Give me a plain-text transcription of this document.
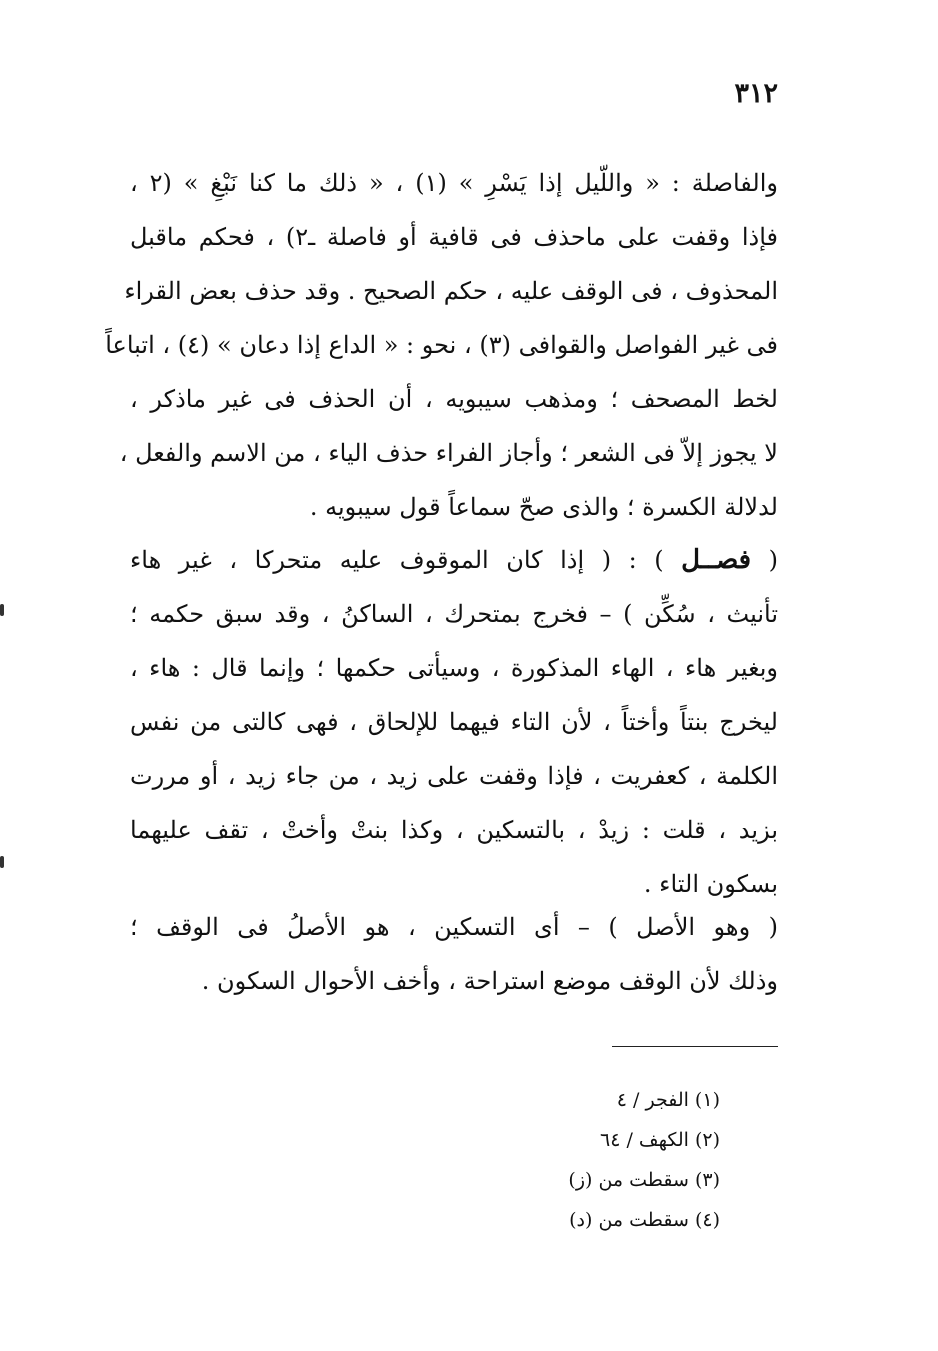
٣١٢
والفاصلة : « واللّيل إذا يَسْرِ » (١) ، « ذلك ما كنا نَبْغِ » (٢ ،
فإذا وقفت على ماحذف فى قافية أو فاصلة ـ٢) ، فحكم ماقبل
المحذوف ، فى الوقف عليه ، حكم الصحيح . وقد حذف بعض القراء
فى غير الفواصل والقوافى (٣) ، نحو : « الداع إذا دعان » (٤) ، اتباعاً
لخط المصحف ؛ ومذهب سيبويه ، أن الحذف فى غير ماذكر ،
لا يجوز إلاّ فى الشعر ؛ وأجاز الفراء حذف الياء ، من الاسم والفعل ،
لدلالة الكسرة ؛ والذى صحّ سماعاً قول سيبويه .
( فصــل ) : ( إذا كان الموقوف عليه متحركا ، غير هاء
تأنيث ، سُكِّن ) – فخرج بمتحرك ، الساكنُ ، وقد سبق حكمه ؛
وبغير هاء ، الهاء المذكورة ، وسيأتى حكمها ؛ وإنما قال : هاء ،
ليخرج بنتاً وأختاً ، لأن التاء فيهما للإلحاق ، فهى كالتى من نفس
الكلمة ، كعفريت ، فإذا وقفت على زيد ، من جاء زيد ، أو مررت
بزيد ، قلت : زيدْ ، بالتسكين ، وكذا بنتْ وأختْ ، تقف عليهما
بسكون التاء .
( وهو الأصل ) – أى التسكين ، هو الأصلُ فى الوقف ؛
وذلك لأن الوقف موضع استراحة ، وأخف الأحوال السكون .
(١) الفجر / ٤
(٢) الكهف / ٦٤
(٣) سقطت من (ز)
(٤) سقطت من (د)
